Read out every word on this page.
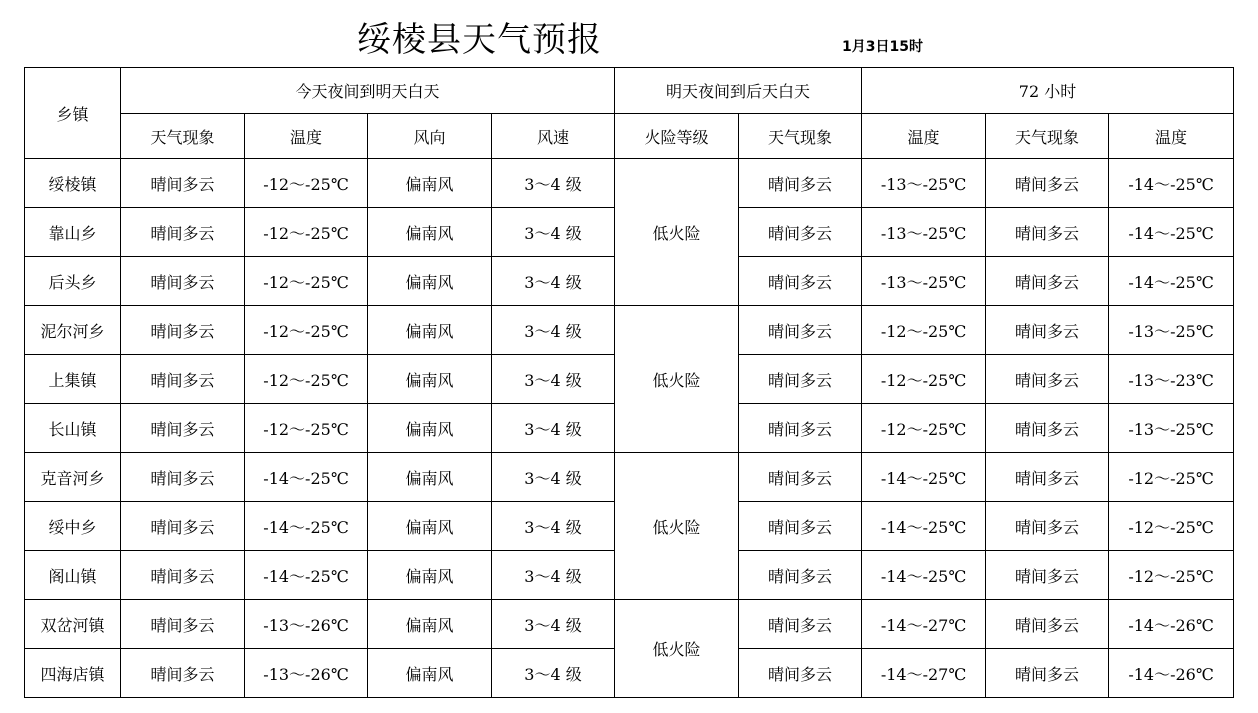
绥棱县天气预报	1月3日15时
乡镇	今天夜间到明天白天				明天夜间到后天白天		72 小时		
	天气现象	温度	风向	风速	火险等级	天气现象	温度	天气现象	温度
绥棱镇	晴间多云	-12～-25℃	偏南风	3～4 级	低火险	晴间多云	-13～-25℃	晴间多云	-14～-25℃
靠山乡	晴间多云	-12～-25℃	偏南风	3～4 级		晴间多云	-13～-25℃	晴间多云	-14～-25℃
后头乡	晴间多云	-12～-25℃	偏南风	3～4 级		晴间多云	-13～-25℃	晴间多云	-14～-25℃
泥尔河乡	晴间多云	-12～-25℃	偏南风	3～4 级	低火险	晴间多云	-12～-25℃	晴间多云	-13～-25℃
上集镇	晴间多云	-12～-25℃	偏南风	3～4 级		晴间多云	-12～-25℃	晴间多云	-13～-23℃
长山镇	晴间多云	-12～-25℃	偏南风	3～4 级		晴间多云	-12～-25℃	晴间多云	-13～-25℃
克音河乡	晴间多云	-14～-25℃	偏南风	3～4 级	低火险	晴间多云	-14～-25℃	晴间多云	-12～-25℃
绥中乡	晴间多云	-14～-25℃	偏南风	3～4 级		晴间多云	-14～-25℃	晴间多云	-12～-25℃
阁山镇	晴间多云	-14～-25℃	偏南风	3～4 级		晴间多云	-14～-25℃	晴间多云	-12～-25℃
双岔河镇	晴间多云	-13～-26℃	偏南风	3～4 级	低火险	晴间多云	-14～-27℃	晴间多云	-14～-26℃
四海店镇	晴间多云	-13～-26℃	偏南风	3～4 级		晴间多云	-14～-27℃	晴间多云	-14～-26℃
